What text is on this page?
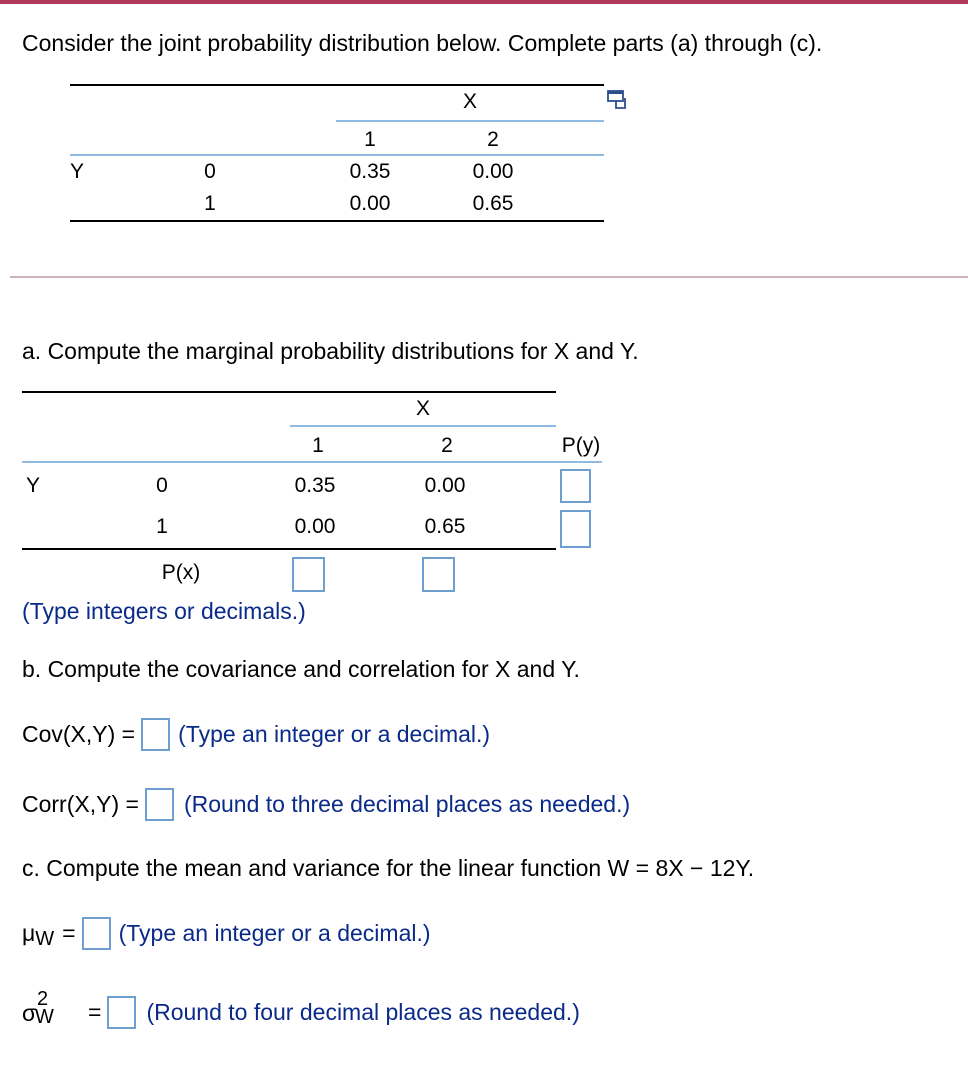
Consider the joint probability distribution below. Complete parts (a) through (c).
X
1	2
Y	0	0.35	0.00
1	0.00	0.65
a. Compute the marginal probability distributions for X and Y.
X
1	2	P(y)
Y	0	0.35	0.00
1	0.00	0.65
P(x)
(Type integers or decimals.)
b. Compute the covariance and correlation for X and Y.
Cov(X,Y) = (Type an integer or a decimal.)
Corr(X,Y) = (Round to three decimal places as needed.)
c. Compute the mean and variance for the linear function W = 8X − 12Y.
μ W = (Type an integer or a decimal.)
σ
2
W = (Round to four decimal places as needed.)
